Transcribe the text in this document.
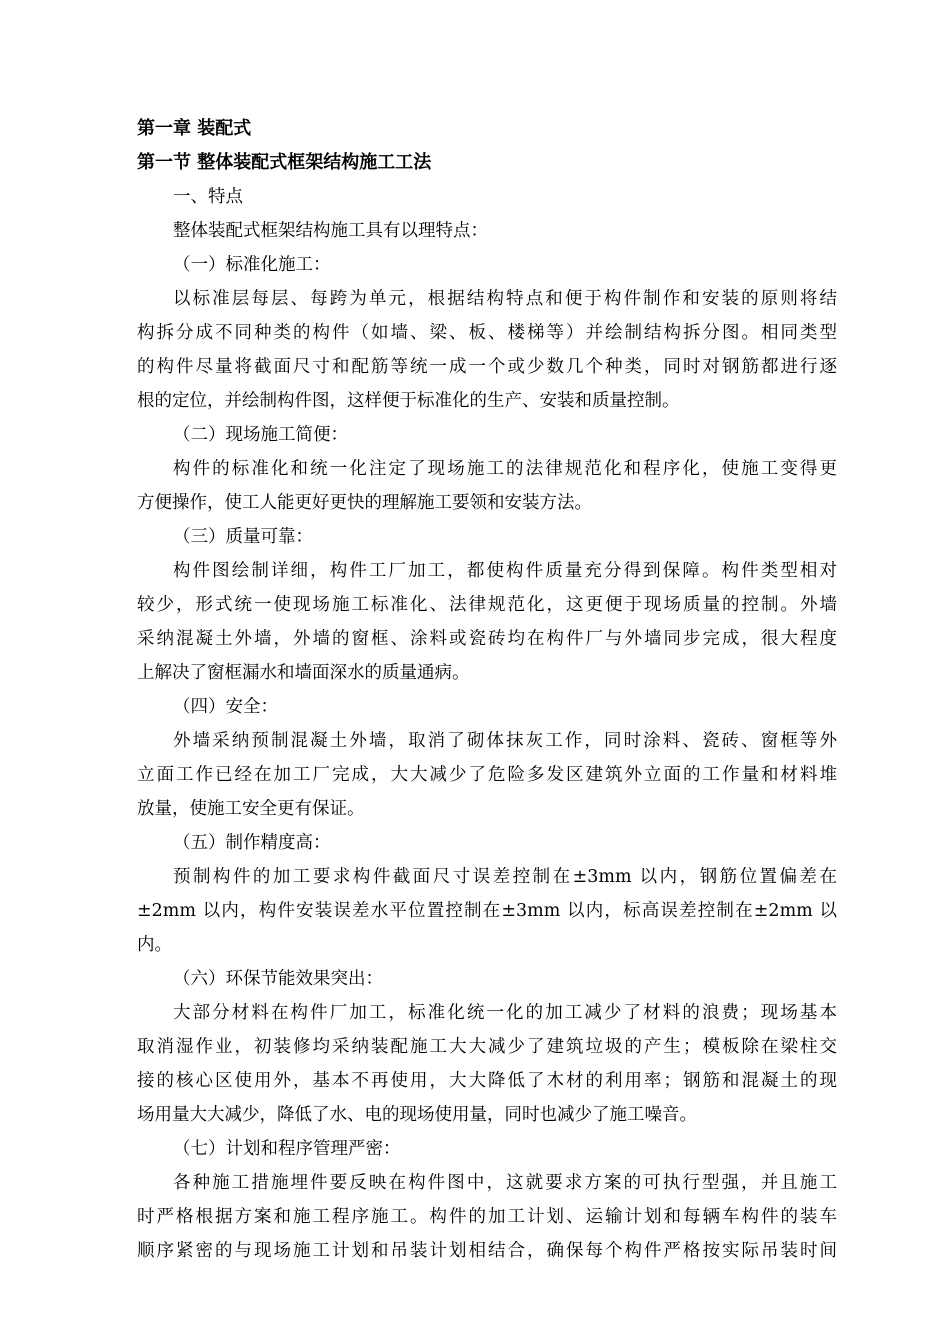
第一章 装配式
第一节 整体装配式框架结构施工工法
一、特点
整体装配式框架结构施工具有以理特点：
（一）标准化施工：
以标准层每层、每跨为单元，根据结构特点和便于构件制作和安装的原则将结
构拆分成不同种类的构件（如墙、梁、板、楼梯等）并绘制结构拆分图。相同类型
的构件尽量将截面尺寸和配筋等统一成一个或少数几个种类，同时对钢筋都进行逐
根的定位，并绘制构件图，这样便于标准化的生产、安装和质量控制。
（二）现场施工简便：
构件的标准化和统一化注定了现场施工的法律规范化和程序化，使施工变得更
方便操作，使工人能更好更快的理解施工要领和安装方法。
（三）质量可靠：
构件图绘制详细，构件工厂加工，都使构件质量充分得到保障。构件类型相对
较少，形式统一使现场施工标准化、法律规范化，这更便于现场质量的控制。外墙
采纳混凝土外墙，外墙的窗框、涂料或瓷砖均在构件厂与外墙同步完成，很大程度
上解决了窗框漏水和墙面深水的质量通病。
（四）安全：
外墙采纳预制混凝土外墙，取消了砌体抹灰工作，同时涂料、瓷砖、窗框等外
立面工作已经在加工厂完成，大大减少了危险多发区建筑外立面的工作量和材料堆
放量，使施工安全更有保证。
（五）制作精度高：
预制构件的加工要求构件截面尺寸误差控制在±3mm 以内，钢筋位置偏差在
±2mm 以内，构件安装误差水平位置控制在±3mm 以内，标高误差控制在±2mm 以
内。
（六）环保节能效果突出：
大部分材料在构件厂加工，标准化统一化的加工减少了材料的浪费；现场基本
取消湿作业，初装修均采纳装配施工大大减少了建筑垃圾的产生；模板除在梁柱交
接的核心区使用外，基本不再使用，大大降低了木材的利用率；钢筋和混凝土的现
场用量大大减少，降低了水、电的现场使用量，同时也减少了施工噪音。
（七）计划和程序管理严密：
各种施工措施埋件要反映在构件图中，这就要求方案的可执行型强，并且施工
时严格根据方案和施工程序施工。构件的加工计划、运输计划和每辆车构件的装车
顺序紧密的与现场施工计划和吊装计划相结合，确保每个构件严格按实际吊装时间
